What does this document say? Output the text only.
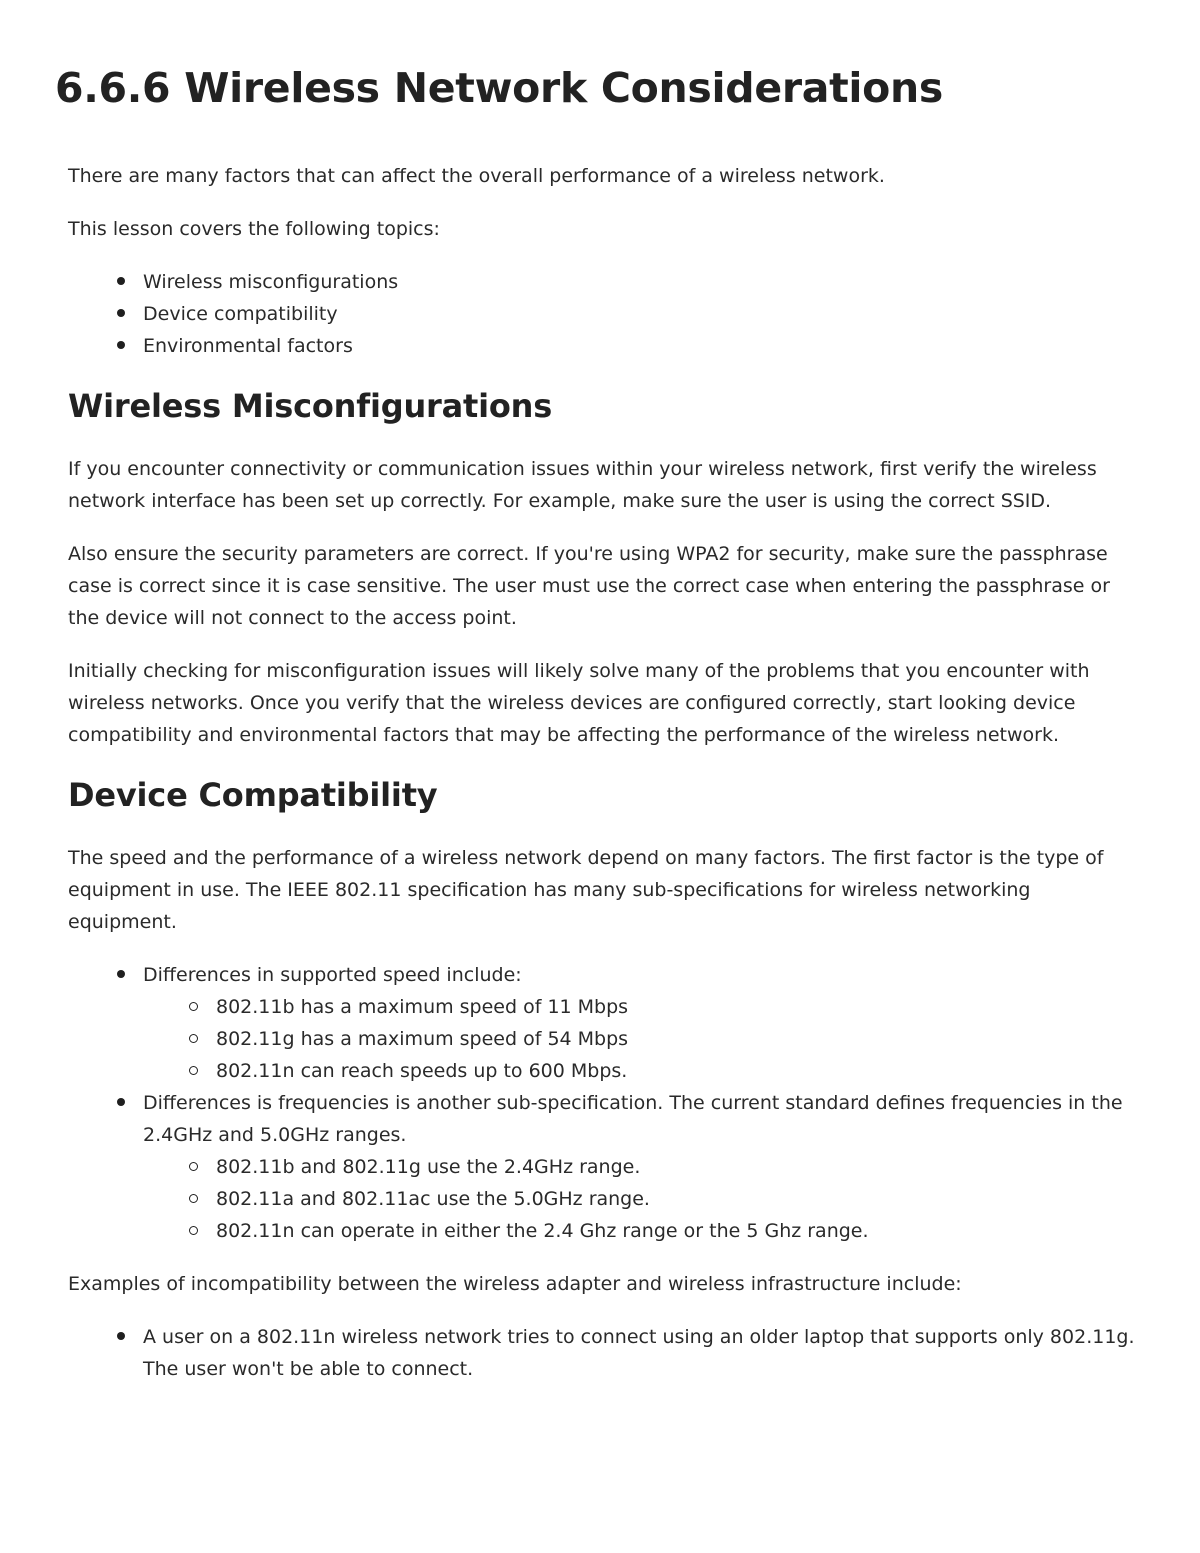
6.6.6 Wireless Network Considerations

There are many factors that can affect the overall performance of a wireless network.

This lesson covers the following topics:

Wireless misconfigurations
Device compatibility
Environmental factors
Wireless Misconfigurations

If you encounter connectivity or communication issues within your wireless network, first verify the wireless network interface has been set up correctly. For example, make sure the user is using the correct SSID.

Also ensure the security parameters are correct. If you're using WPA2 for security, make sure the passphrase case is correct since it is case sensitive. The user must use the correct case when entering the passphrase or the device will not connect to the access point.

Initially checking for misconfiguration issues will likely solve many of the problems that you encounter with wireless networks. Once you verify that the wireless devices are configured correctly, start looking device compatibility and environmental factors that may be affecting the performance of the wireless network.

Device Compatibility

The speed and the performance of a wireless network depend on many factors. The first factor is the type of equipment in use. The IEEE 802.11 specification has many sub-specifications for wireless networking equipment.

Differences in supported speed include:
802.11b has a maximum speed of 11 Mbps
802.11g has a maximum speed of 54 Mbps
802.11n can reach speeds up to 600 Mbps.
Differences is frequencies is another sub-specification. The current standard defines frequencies in the 2.4GHz and 5.0GHz ranges.
802.11b and 802.11g use the 2.4GHz range.
802.11a and 802.11ac use the 5.0GHz range.
802.11n can operate in either the 2.4 Ghz range or the 5 Ghz range.

Examples of incompatibility between the wireless adapter and wireless infrastructure include:

A user on a 802.11n wireless network tries to connect using an older laptop that supports only 802.11g. The user won't be able to connect.
